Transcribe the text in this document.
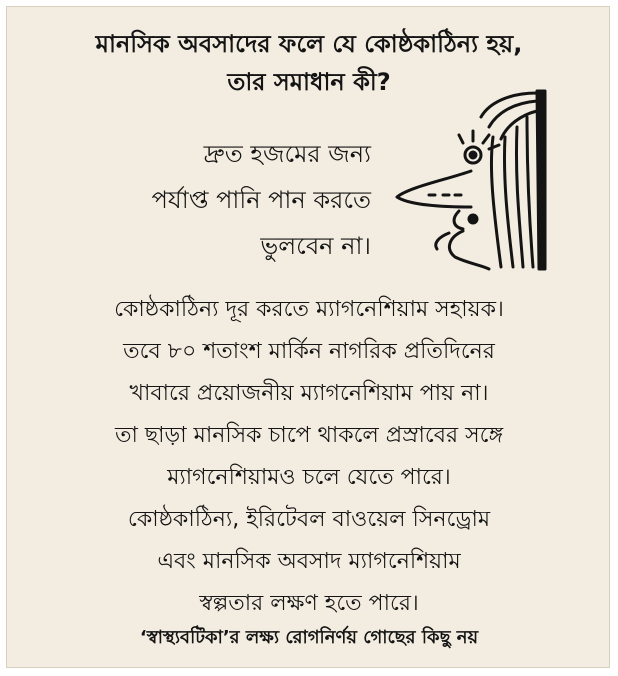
মানসিক অবসাদের ফলে যে কোষ্ঠকাঠিন্য হয়,
তার সমাধান কী?
দ্রুত হজমের জন্য
পর্যাপ্ত পানি পান করতে
ভুলবেন না।
কোষ্ঠকাঠিন্য দূর করতে ম্যাগনেশিয়াম সহায়ক।
তবে ৮০ শতাংশ মার্কিন নাগরিক প্রতিদিনের
খাবারে প্রয়োজনীয় ম্যাগনেশিয়াম পায় না।
তা ছাড়া মানসিক চাপে থাকলে প্রস্রাবের সঙ্গে
ম্যাগনেশিয়ামও চলে যেতে পারে।
কোষ্ঠকাঠিন্য, ইরিটেবল বাওয়েল সিনড্রোম
এবং মানসিক অবসাদ ম্যাগনেশিয়াম
স্বল্পতার লক্ষণ হতে পারে।
‘স্বাস্থ্যবটিকা’র লক্ষ্য রোগনির্ণয় গোছের কিছু নয়
